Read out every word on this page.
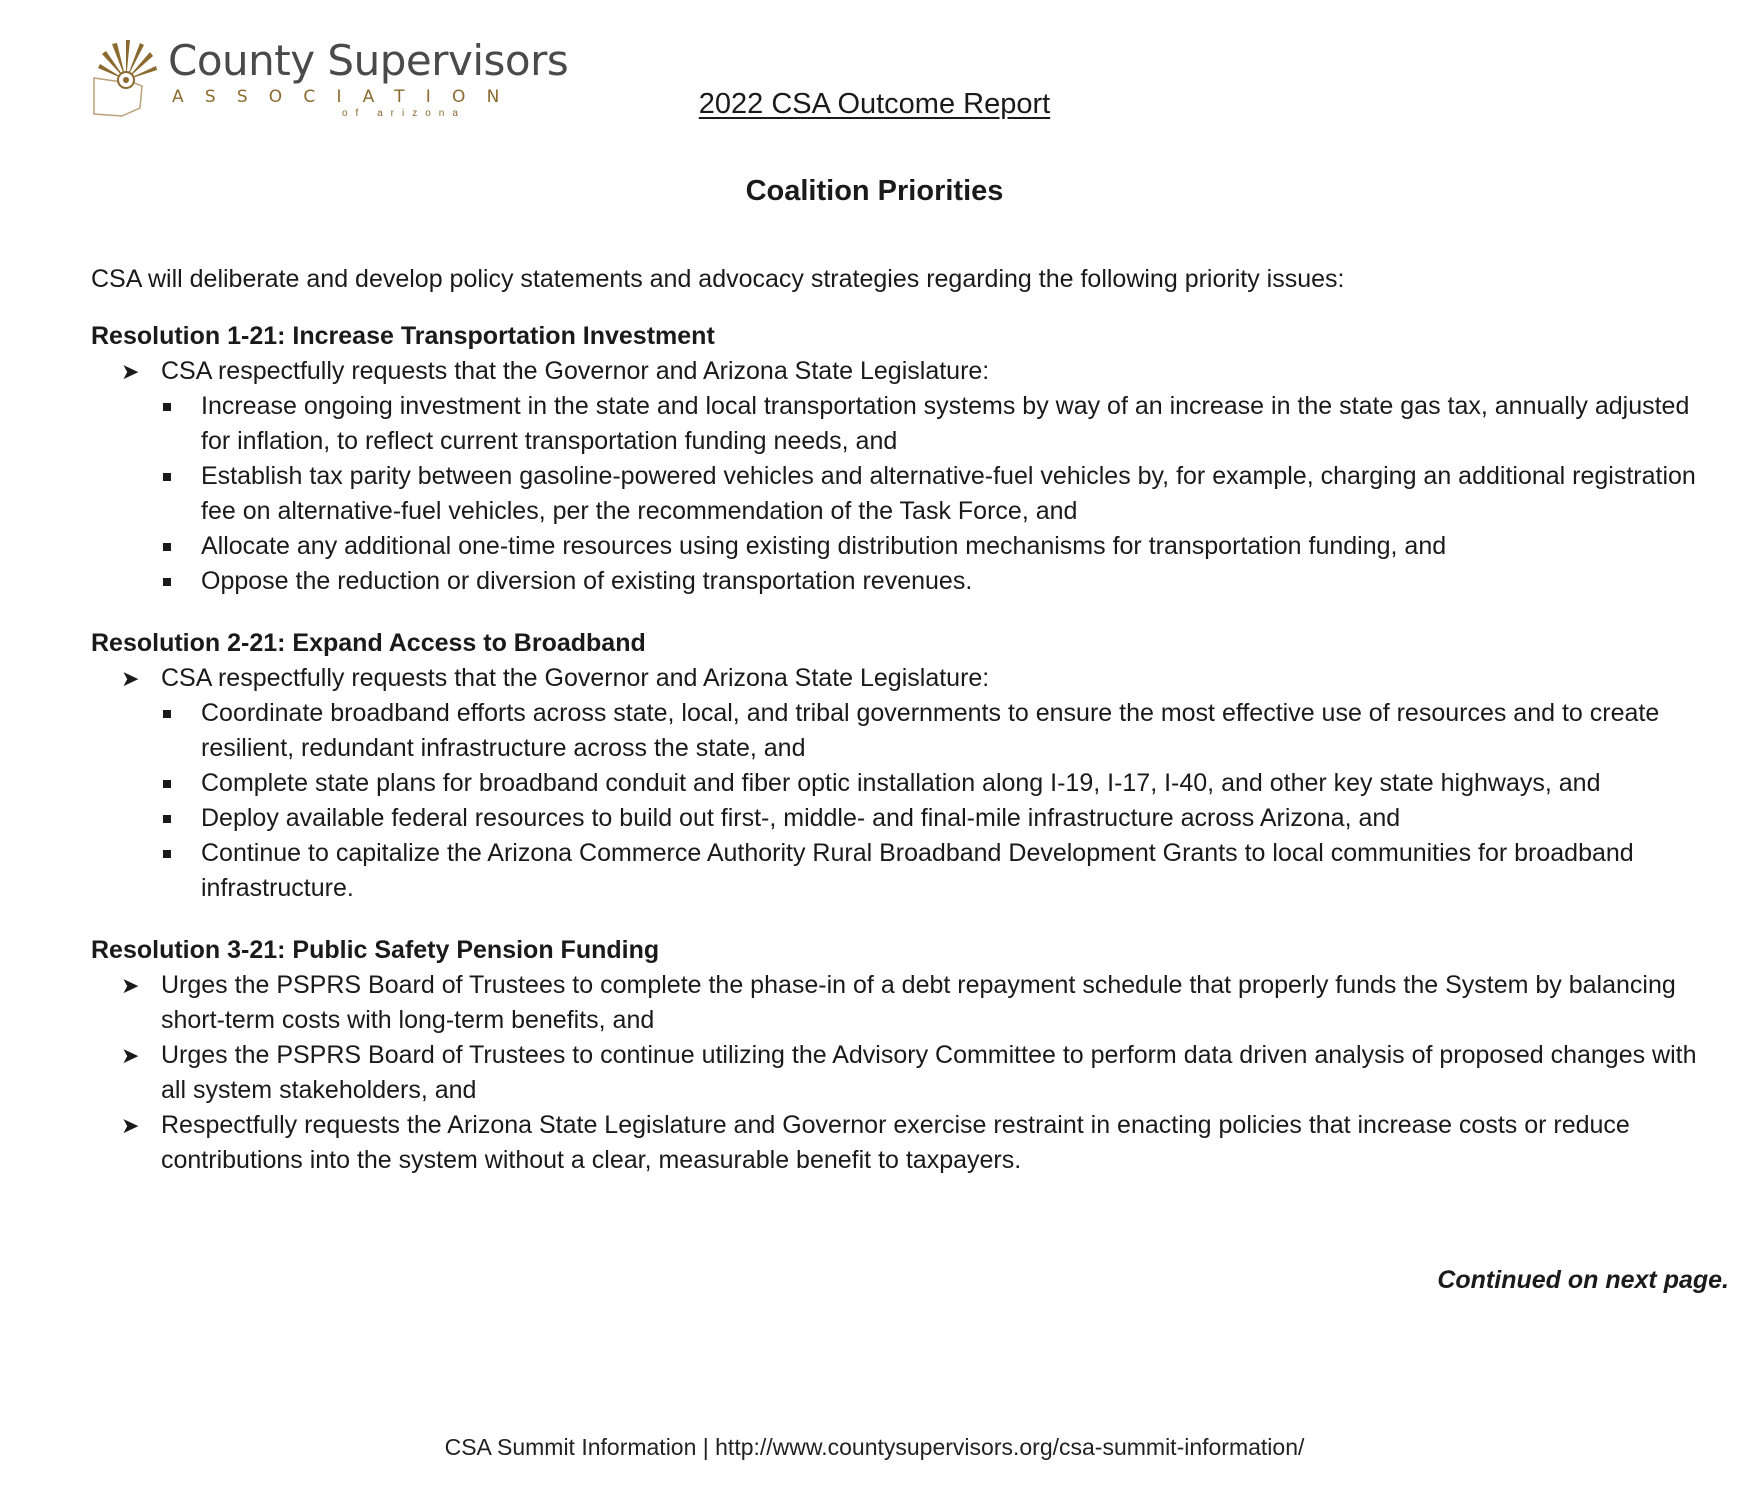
County Supervisors
ASSOCIATION
of arizona	2022 CSA Outcome Report
Coalition Priorities

CSA will deliberate and develop policy statements and advocacy strategies regarding the following priority issues:

Resolution 1-21: Increase Transportation Investment

➤ CSA respectfully requests that the Governor and Arizona State Legislature:
Increase ongoing investment in the state and local transportation systems by way of an increase in the state gas tax, annually adjusted for inflation, to reflect current transportation funding needs, and
Establish tax parity between gasoline-powered vehicles and alternative-fuel vehicles by, for example, charging an additional registration fee on alternative-fuel vehicles, per the recommendation of the Task Force, and
Allocate any additional one-time resources using existing distribution mechanisms for transportation funding, and
Oppose the reduction or diversion of existing transportation revenues.

Resolution 2-21: Expand Access to Broadband

➤ CSA respectfully requests that the Governor and Arizona State Legislature:
Coordinate broadband efforts across state, local, and tribal governments to ensure the most effective use of resources and to create resilient, redundant infrastructure across the state, and
Complete state plans for broadband conduit and fiber optic installation along I-19, I-17, I-40, and other key state highways, and
Deploy available federal resources to build out first-, middle- and final-mile infrastructure across Arizona, and
Continue to capitalize the Arizona Commerce Authority Rural Broadband Development Grants to local communities for broadband infrastructure.

Resolution 3-21: Public Safety Pension Funding

➤ Urges the PSPRS Board of Trustees to complete the phase-in of a debt repayment schedule that properly funds the System by balancing short-term costs with long-term benefits, and
➤ Urges the PSPRS Board of Trustees to continue utilizing the Advisory Committee to perform data driven analysis of proposed changes with all system stakeholders, and
➤ Respectfully requests the Arizona State Legislature and Governor exercise restraint in enacting policies that increase costs or reduce contributions into the system without a clear, measurable benefit to taxpayers.
Continued on next page.
CSA Summit Information | http://www.countysupervisors.org/csa-summit-information/
